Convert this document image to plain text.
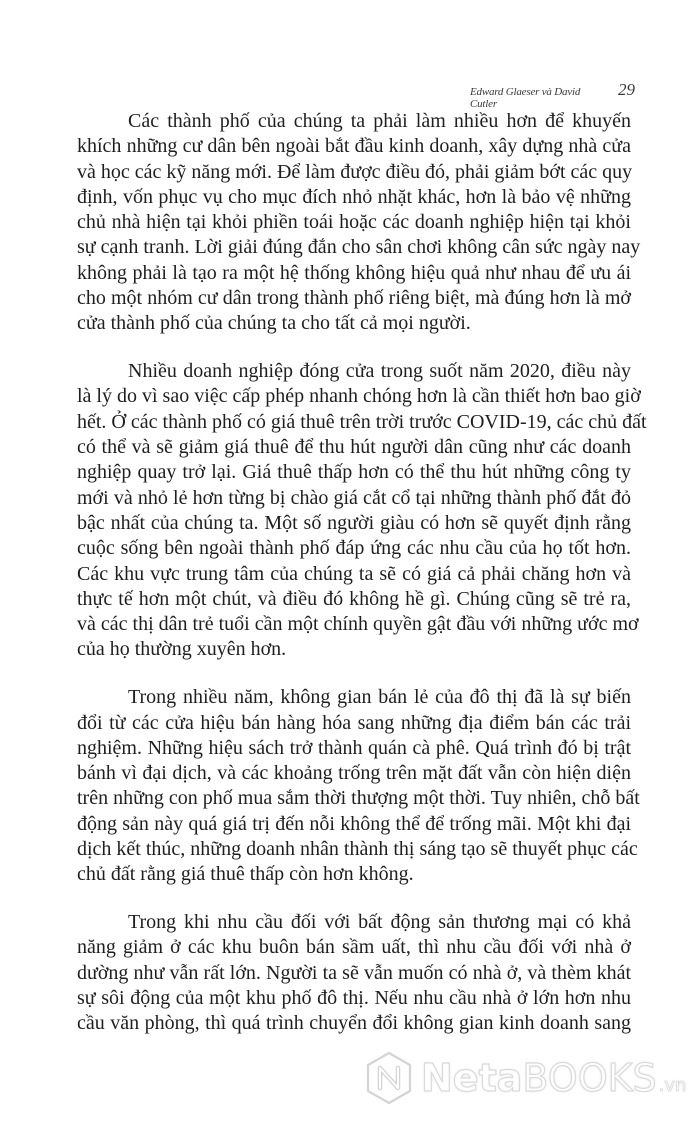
Edward Glaeser và David Cutler
29
Các thành phố của chúng ta phải làm nhiều hơn để khuyến
khích những cư dân bên ngoài bắt đầu kinh doanh, xây dựng nhà cửa
và học các kỹ năng mới. Để làm được điều đó, phải giảm bớt các quy
định, vốn phục vụ cho mục đích nhỏ nhặt khác, hơn là bảo vệ những
chủ nhà hiện tại khỏi phiền toái hoặc các doanh nghiệp hiện tại khỏi
sự cạnh tranh. Lời giải đúng đắn cho sân chơi không cân sức ngày nay
không phải là tạo ra một hệ thống không hiệu quả như nhau để ưu ái
cho một nhóm cư dân trong thành phố riêng biệt, mà đúng hơn là mở
cửa thành phố của chúng ta cho tất cả mọi người.
Nhiều doanh nghiệp đóng cửa trong suốt năm 2020, điều này
là lý do vì sao việc cấp phép nhanh chóng hơn là cần thiết hơn bao giờ
hết. Ở các thành phố có giá thuê trên trời trước COVID-19, các chủ đất
có thể và sẽ giảm giá thuê để thu hút người dân cũng như các doanh
nghiệp quay trở lại. Giá thuê thấp hơn có thể thu hút những công ty
mới và nhỏ lẻ hơn từng bị chào giá cắt cổ tại những thành phố đắt đỏ
bậc nhất của chúng ta. Một số người giàu có hơn sẽ quyết định rằng
cuộc sống bên ngoài thành phố đáp ứng các nhu cầu của họ tốt hơn.
Các khu vực trung tâm của chúng ta sẽ có giá cả phải chăng hơn và
thực tế hơn một chút, và điều đó không hề gì. Chúng cũng sẽ trẻ ra,
và các thị dân trẻ tuổi cần một chính quyền gật đầu với những ước mơ
của họ thường xuyên hơn.
Trong nhiều năm, không gian bán lẻ của đô thị đã là sự biến
đổi từ các cửa hiệu bán hàng hóa sang những địa điểm bán các trải
nghiệm. Những hiệu sách trở thành quán cà phê. Quá trình đó bị trật
bánh vì đại dịch, và các khoảng trống trên mặt đất vẫn còn hiện diện
trên những con phố mua sắm thời thượng một thời. Tuy nhiên, chỗ bất
động sản này quá giá trị đến nỗi không thể để trống mãi. Một khi đại
dịch kết thúc, những doanh nhân thành thị sáng tạo sẽ thuyết phục các
chủ đất rằng giá thuê thấp còn hơn không.
Trong khi nhu cầu đối với bất động sản thương mại có khả
năng giảm ở các khu buôn bán sầm uất, thì nhu cầu đối với nhà ở
dường như vẫn rất lớn. Người ta sẽ vẫn muốn có nhà ở, và thèm khát
sự sôi động của một khu phố đô thị. Nếu nhu cầu nhà ở lớn hơn nhu
cầu văn phòng, thì quá trình chuyển đổi không gian kinh doanh sang
NetaBOOKS .vn
